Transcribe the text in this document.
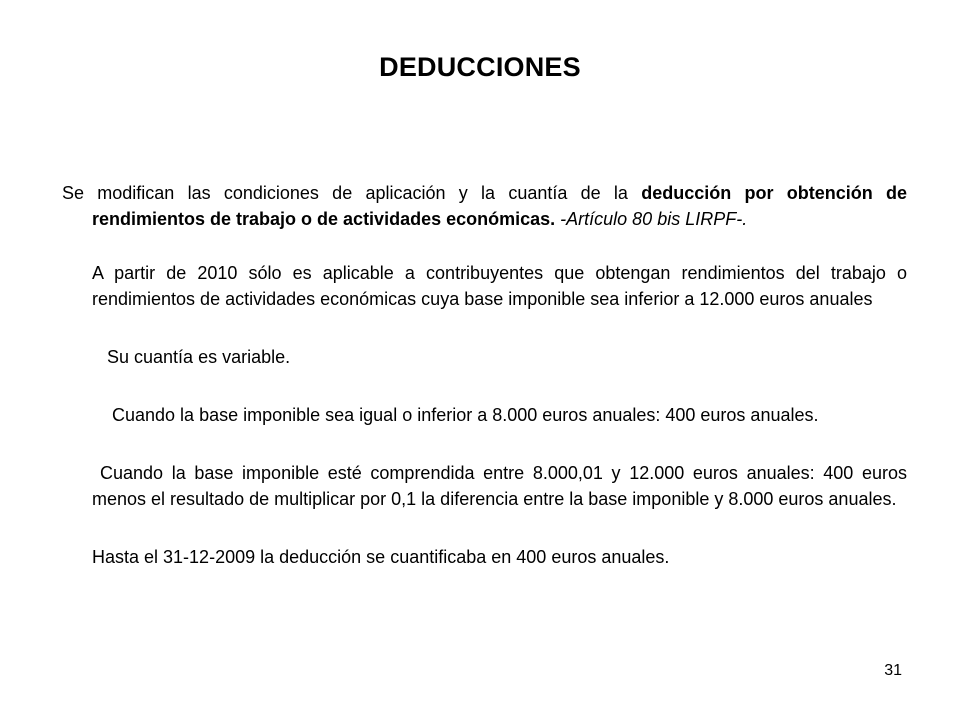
DEDUCCIONES

Se modifican las condiciones de aplicación y la cuantía de la deducción por obtención de rendimientos de trabajo o de actividades económicas. -Artículo 80 bis LIRPF-.

A partir de 2010 sólo es aplicable a contribuyentes que obtengan rendimientos del trabajo o rendimientos de actividades económicas cuya base imponible sea inferior a 12.000 euros anuales

Su cuantía es variable.

Cuando la base imponible sea igual o inferior a 8.000 euros anuales: 400 euros anuales.

Cuando la base imponible esté comprendida entre 8.000,01 y 12.000 euros anuales: 400 euros menos el resultado de multiplicar por 0,1 la diferencia entre la base imponible y 8.000 euros anuales.

Hasta el 31-12-2009 la deducción se cuantificaba en 400 euros anuales.

31
